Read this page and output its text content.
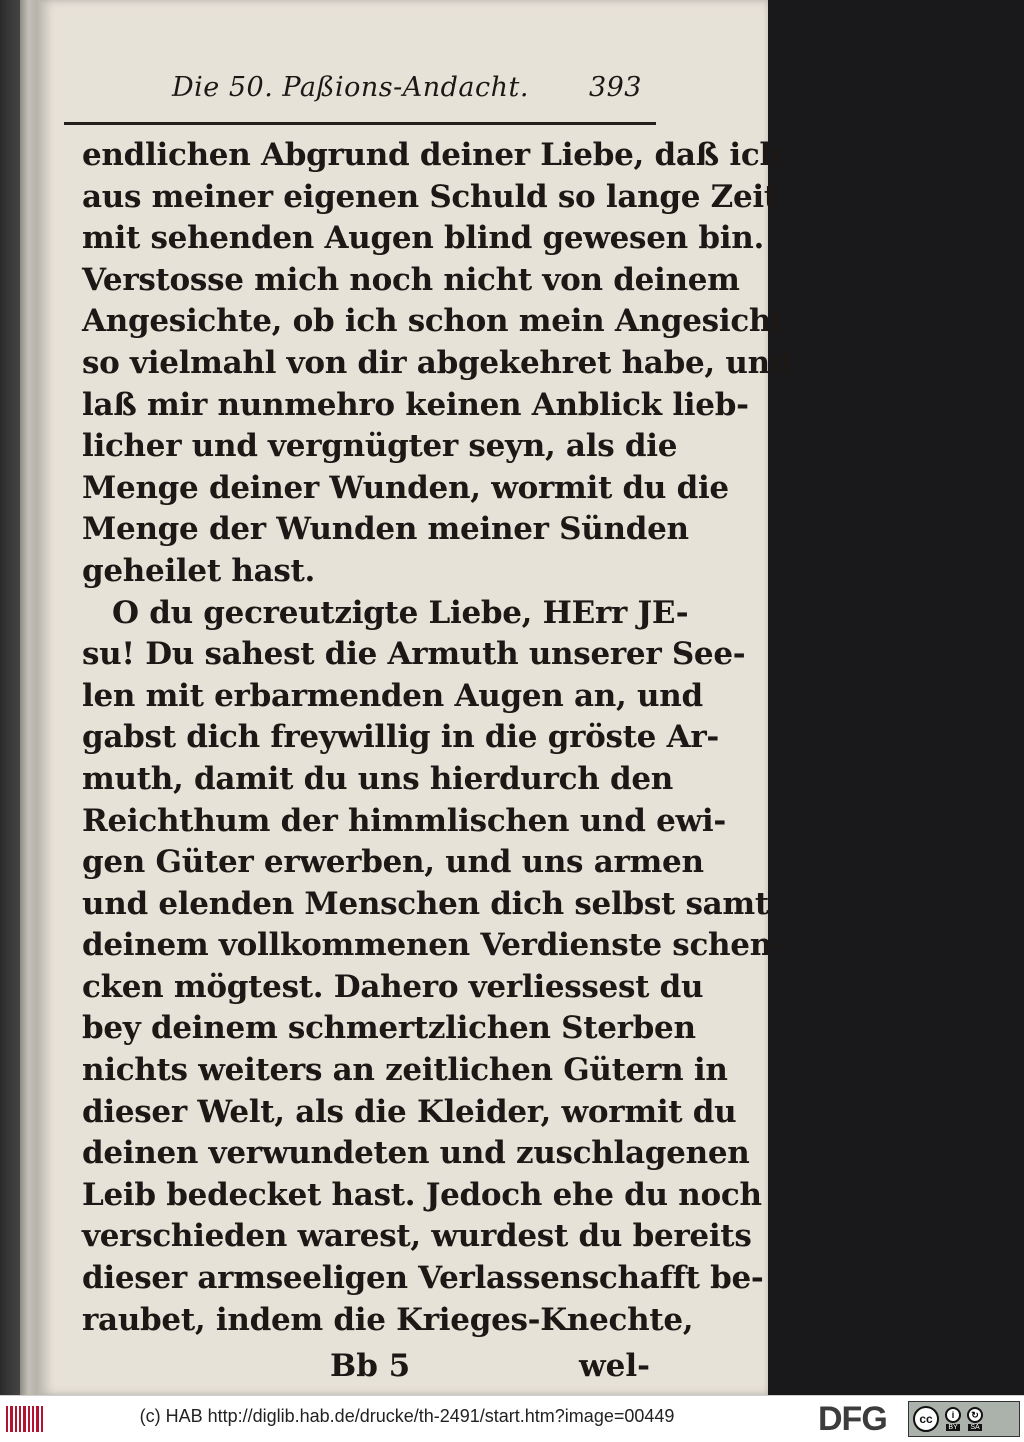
Die 50. Paßions-Andacht. 393
endlichen Abgrund deiner Liebe, daß ich
aus meiner eigenen Schuld so lange Zeit
mit sehenden Augen blind gewesen bin.
Verstosse mich noch nicht von deinem
Angesichte, ob ich schon mein Angesicht
so vielmahl von dir abgekehret habe, und
laß mir nunmehro keinen Anblick lieb-
licher und vergnügter seyn, als die
Menge deiner Wunden, wormit du die
Menge der Wunden meiner Sünden
geheilet hast.
O du gecreutzigte Liebe, HErr JE-
su! Du sahest die Armuth unserer See-
len mit erbarmenden Augen an, und
gabst dich freywillig in die gröste Ar-
muth, damit du uns hierdurch den
Reichthum der himmlischen und ewi-
gen Güter erwerben, und uns armen
und elenden Menschen dich selbst samt
deinem vollkommenen Verdienste schen-
cken mögtest. Dahero verliessest du
bey deinem schmertzlichen Sterben
nichts weiters an zeitlichen Gütern in
dieser Welt, als die Kleider, wormit du
deinen verwundeten und zuschlagenen
Leib bedecket hast. Jedoch ehe du noch
verschieden warest, wurdest du bereits
dieser armseeligen Verlassenschafft be-
raubet, indem die Krieges-Knechte,
Bb 5	wel-
(c) HAB http://diglib.hab.de/drucke/th-2491/start.htm?image=00449	DFG	cc	i
BY
↻
SA
